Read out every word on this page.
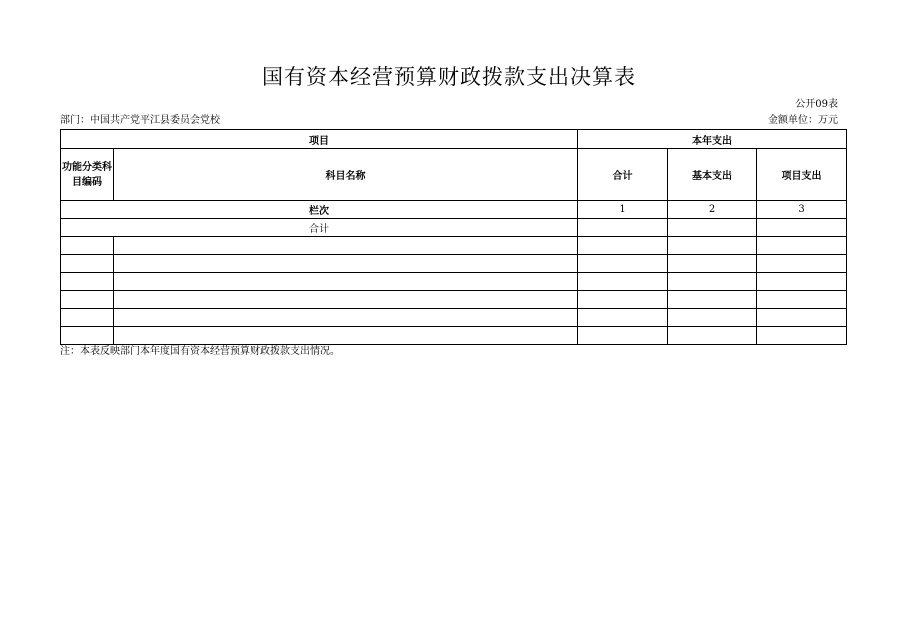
国有资本经营预算财政拨款支出决算表
公开09表
部门：中国共产党平江县委员会党校	金额单位：万元
项目		本年支出		
功能分类科目编码	科目名称	合计	基本支出	项目支出
栏次		1	2	3
合计				

注：本表反映部门本年度国有资本经营预算财政拨款支出情况。
